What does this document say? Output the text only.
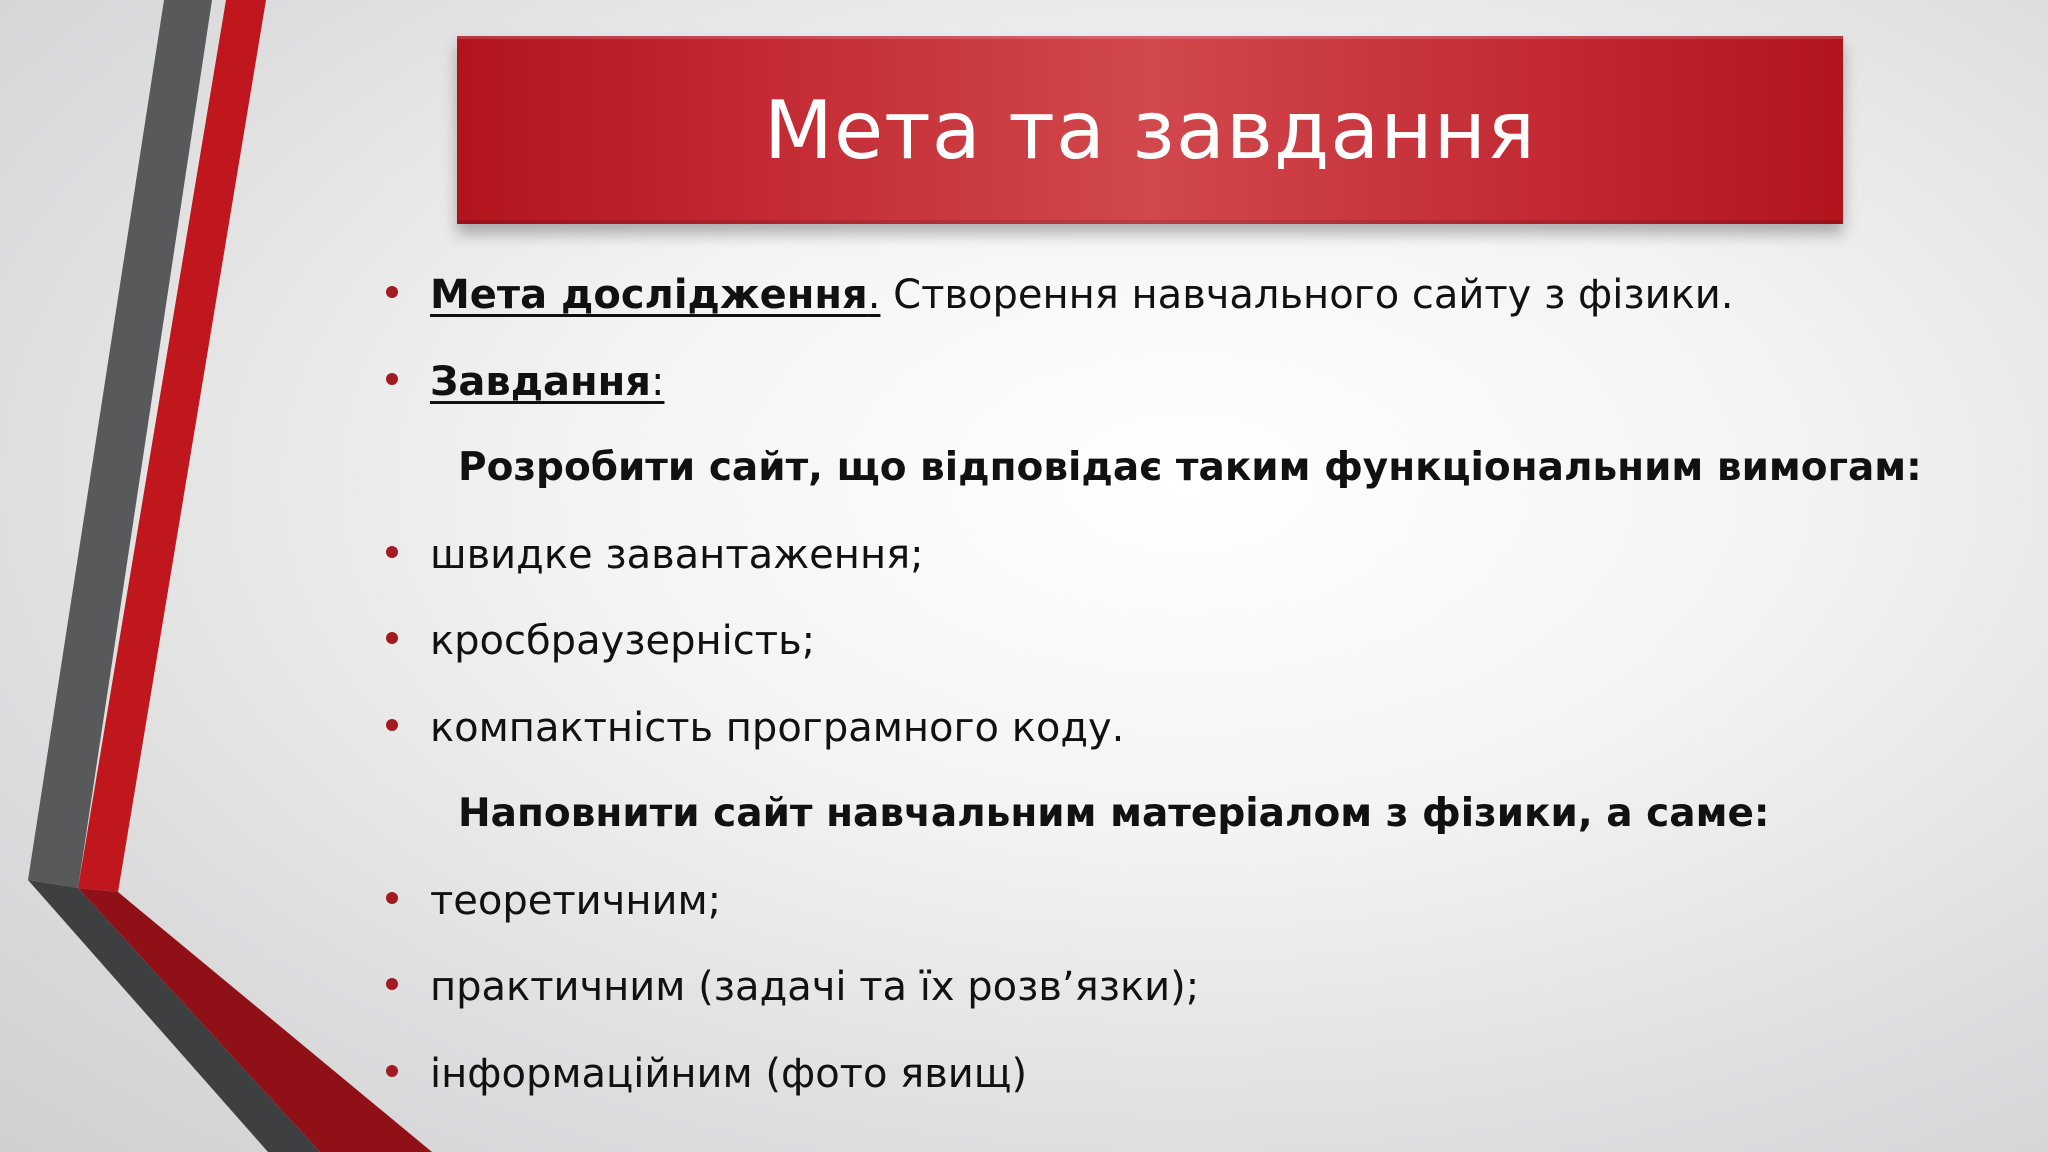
Мета та завдання
Мета дослідження. Створення навчального сайту з фізики.
Завдання:
Розробити сайт, що відповідає таким функціональним вимогам:
швидке завантаження;
кросбраузерність;
компактність програмного коду.
Наповнити сайт навчальним матеріалом з фізики, а саме:
теоретичним;
практичним (задачі та їх розв’язки);
інформаційним (фото явищ)
